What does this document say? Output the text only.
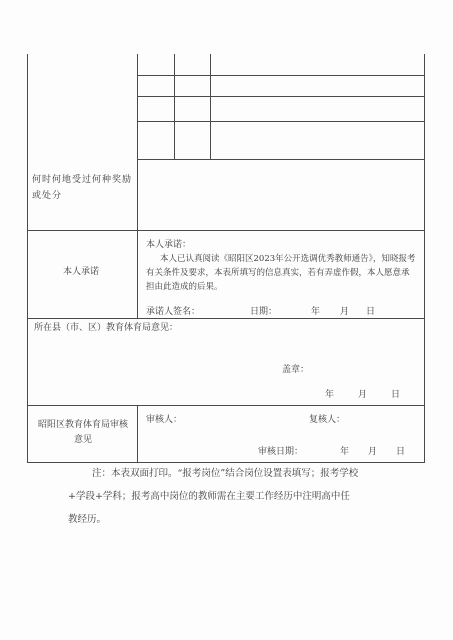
何时何地受过何种奖励或处分
本人承诺
本人承诺：
本人已认真阅读《昭阳区2023年公开选调优秀教师通告》，知晓报考有关条件及要求，本表所填写的信息真实，若有弄虚作假，本人愿意承担由此造成的后果。
承诺人签名：	日期：	年 月 日
所在县（市、区）教育体育局意见：
盖章：
年	月	日
昭阳区教育体育局审核意见
审核人：	复核人：
审核日期：	年 月 日
注：本表双面打印。“报考岗位”结合岗位设置表填写；报考学校
+学段+学科；报考高中岗位的教师需在主要工作经历中注明高中任
教经历。
